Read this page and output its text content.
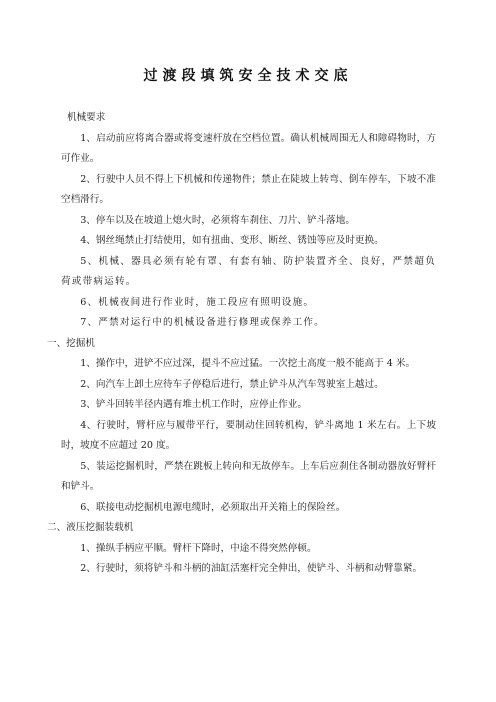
过渡段填筑安全技术交底

机械要求

1、启动前应将离合器或将变速杆放在空档位置。确认机械周围无人和障碍物时，方可作业。

2、行驶中人员不得上下机械和传递物件；禁止在陡坡上转弯、倒车停车，下坡不准空档滑行。

3、停车以及在坡道上熄火时，必须将车刹住、刀片、铲斗落地。

4、钢丝绳禁止打结使用，如有扭曲、变形、断丝、锈蚀等应及时更换。

5、机械、器具必须有轮有罩、有套有轴、防护装置齐全、良好，严禁超负荷或带病运转。

6、机械夜间进行作业时，施工段应有照明设施。

7、严禁对运行中的机械设备进行修理或保养工作。

一、挖掘机

1、操作中，进铲不应过深，提斗不应过猛。一次挖土高度一般不能高于 4 米。

2、向汽车上卸土应待车子停稳后进行，禁止铲斗从汽车驾驶室上越过。

3、铲斗回转半径内遇有堆土机工作时，应停止作业。

4、行驶时，臂杆应与履带平行，要制动住回转机构，铲斗离地 1 米左右。上下坡时，坡度不应超过 20 度。

5、装运挖掘机时，严禁在跳板上转向和无故停车。上车后应刹住各制动器放好臂杆和铲斗。

6、联接电动挖掘机电源电缆时，必须取出开关箱上的保险丝。

二、液压挖掘装载机

1、操纵手柄应平顺。臂杆下降时，中途不得突然停顿。

2、行驶时，须将铲斗和斗柄的油缸活塞杆完全伸出，使铲斗、斗柄和动臂靠紧。
